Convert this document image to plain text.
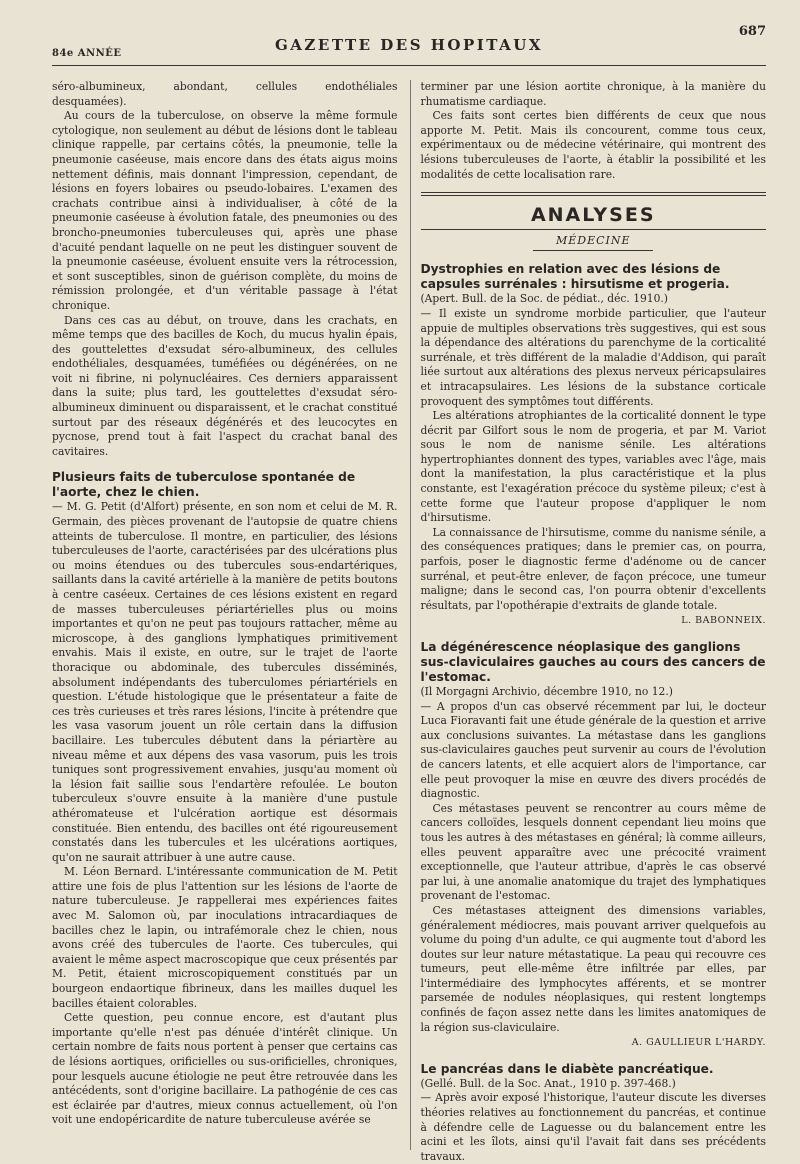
84e ANNÉE	GAZETTE DES HOPITAUX
687

séro-albumineux, abondant, cellules endothéliales desquamées).

Au cours de la tuberculose, on observe la même formule cytologique, non seulement au début de lésions dont le tableau clinique rappelle, par certains côtés, la pneumonie, telle la pneumonie caséeuse, mais encore dans des états aigus moins nettement définis, mais donnant l'impression, cependant, de lésions en foyers lobaires ou pseudo-lobaires. L'examen des crachats contribue ainsi à individualiser, à côté de la pneumonie caséeuse à évolution fatale, des pneumonies ou des broncho-pneumonies tuberculeuses qui, après une phase d'acuité pendant laquelle on ne peut les distinguer souvent de la pneumonie caséeuse, évoluent ensuite vers la rétrocession, et sont susceptibles, sinon de guérison complète, du moins de rémission prolongée, et d'un véritable passage à l'état chronique.

Dans ces cas au début, on trouve, dans les crachats, en même temps que des bacilles de Koch, du mucus hyalin épais, des gouttelettes d'exsudat séro-albumineux, des cellules endothéliales, desquamées, tuméfiées ou dégénérées, on ne voit ni fibrine, ni polynucléaires. Ces derniers apparaissent dans la suite; plus tard, les gouttelettes d'exsudat séro-albumineux diminuent ou disparaissent, et le crachat constitué surtout par des réseaux dégénérés et des leucocytes en pycnose, prend tout à fait l'aspect du crachat banal des cavitaires.

Plusieurs faits de tuberculose spontanée de l'aorte, chez le chien.

— M. G. Petit (d'Alfort) présente, en son nom et celui de M. R. Germain, des pièces provenant de l'autopsie de quatre chiens atteints de tuberculose. Il montre, en particulier, des lésions tuberculeuses de l'aorte, caractérisées par des ulcérations plus ou moins étendues ou des tubercules sous-endartériques, saillants dans la cavité artérielle à la manière de petits boutons à centre caséeux. Certaines de ces lésions existent en regard de masses tuberculeuses périartérielles plus ou moins importantes et qu'on ne peut pas toujours rattacher, même au microscope, à des ganglions lymphatiques primitivement envahis. Mais il existe, en outre, sur le trajet de l'aorte thoracique ou abdominale, des tubercules disséminés, absolument indépendants des tuberculomes périartériels en question. L'étude histologique que le présentateur a faite de ces très curieuses et très rares lésions, l'incite à prétendre que les vasa vasorum jouent un rôle certain dans la diffusion bacillaire. Les tubercules débutent dans la périartère au niveau même et aux dépens des vasa vasorum, puis les trois tuniques sont progressivement envahies, jusqu'au moment où la lésion fait saillie sous l'endartère refoulée. Le bouton tuberculeux s'ouvre ensuite à la manière d'une pustule athéromateuse et l'ulcération aortique est désormais constituée. Bien entendu, des bacilles ont été rigoureusement constatés dans les tubercules et les ulcérations aortiques, qu'on ne saurait attribuer à une autre cause.

M. Léon Bernard. L'intéressante communication de M. Petit attire une fois de plus l'attention sur les lésions de l'aorte de nature tuberculeuse. Je rappellerai mes expériences faites avec M. Salomon où, par inoculations intracardiaques de bacilles chez le lapin, ou intrafémorale chez le chien, nous avons créé des tubercules de l'aorte. Ces tubercules, qui avaient le même aspect macroscopique que ceux présentés par M. Petit, étaient microscopiquement constitués par un bourgeon endaortique fibrineux, dans les mailles duquel les bacilles étaient colorables.

Cette question, peu connue encore, est d'autant plus importante qu'elle n'est pas dénuée d'intérêt clinique. Un certain nombre de faits nous portent à penser que certains cas de lésions aortiques, orificielles ou sus-orificielles, chroniques, pour lesquels aucune étiologie ne peut être retrouvée dans les antécédents, sont d'origine bacillaire. La pathogénie de ces cas est éclairée par d'autres, mieux connus actuellement, où l'on voit une endopéricardite de nature tuberculeuse avérée se

terminer par une lésion aortite chronique, à la manière du rhumatisme cardiaque.

Ces faits sont certes bien différents de ceux que nous apporte M. Petit. Mais ils concourent, comme tous ceux, expérimentaux ou de médecine vétérinaire, qui montrent des lésions tuberculeuses de l'aorte, à établir la possibilité et les modalités de cette localisation rare.

ANALYSES
MÉDECINE
Dystrophies en relation avec des lésions de capsules surrénales : hirsutisme et progeria.

(Apert. Bull. de la Soc. de pédiat., déc. 1910.)

— Il existe un syndrome morbide particulier, que l'auteur appuie de multiples observations très suggestives, qui est sous la dépendance des altérations du parenchyme de la corticalité surrénale, et très différent de la maladie d'Addison, qui paraît liée surtout aux altérations des plexus nerveux péricapsulaires et intracapsulaires. Les lésions de la substance corticale provoquent des symptômes tout différents.

Les altérations atrophiantes de la corticalité donnent le type décrit par Gilfort sous le nom de progeria, et par M. Variot sous le nom de nanisme sénile. Les altérations hypertrophiantes donnent des types, variables avec l'âge, mais dont la manifestation, la plus caractéristique et la plus constante, est l'exagération précoce du système pileux; c'est à cette forme que l'auteur propose d'appliquer le nom d'hirsutisme.

La connaissance de l'hirsutisme, comme du nanisme sénile, a des conséquences pratiques; dans le premier cas, on pourra, parfois, poser le diagnostic ferme d'adénome ou de cancer surrénal, et peut-être enlever, de façon précoce, une tumeur maligne; dans le second cas, l'on pourra obtenir d'excellents résultats, par l'opothérapie d'extraits de glande totale.

L. BABONNEIX.
La dégénérescence néoplasique des ganglions sus-claviculaires gauches au cours des cancers de l'estomac.

(Il Morgagni Archivio, décembre 1910, no 12.)

— A propos d'un cas observé récemment par lui, le docteur Luca Fioravanti fait une étude générale de la question et arrive aux conclusions suivantes. La métastase dans les ganglions sus-claviculaires gauches peut survenir au cours de l'évolution de cancers latents, et elle acquiert alors de l'importance, car elle peut provoquer la mise en œuvre des divers procédés de diagnostic.

Ces métastases peuvent se rencontrer au cours même de cancers colloïdes, lesquels donnent cependant lieu moins que tous les autres à des métastases en général; là comme ailleurs, elles peuvent apparaître avec une précocité vraiment exceptionnelle, que l'auteur attribue, d'après le cas observé par lui, à une anomalie anatomique du trajet des lymphatiques provenant de l'estomac.

Ces métastases atteignent des dimensions variables, généralement médiocres, mais pouvant arriver quelquefois au volume du poing d'un adulte, ce qui augmente tout d'abord les doutes sur leur nature métastatique. La peau qui recouvre ces tumeurs, peut elle-même être infiltrée par elles, par l'intermédiaire des lymphocytes afférents, et se montrer parsemée de nodules néoplasiques, qui restent longtemps confinés de façon assez nette dans les limites anatomiques de la région sus-claviculaire.

A. GAULLIEUR L'HARDY.
Le pancréas dans le diabète pancréatique.

(Gellé. Bull. de la Soc. Anat., 1910 p. 397-468.)

— Après avoir exposé l'historique, l'auteur discute les diverses théories relatives au fonctionnement du pancréas, et continue à défendre celle de Laguesse ou du balancement entre les acini et les îlots, ainsi qu'il l'avait fait dans ses précédents travaux.
